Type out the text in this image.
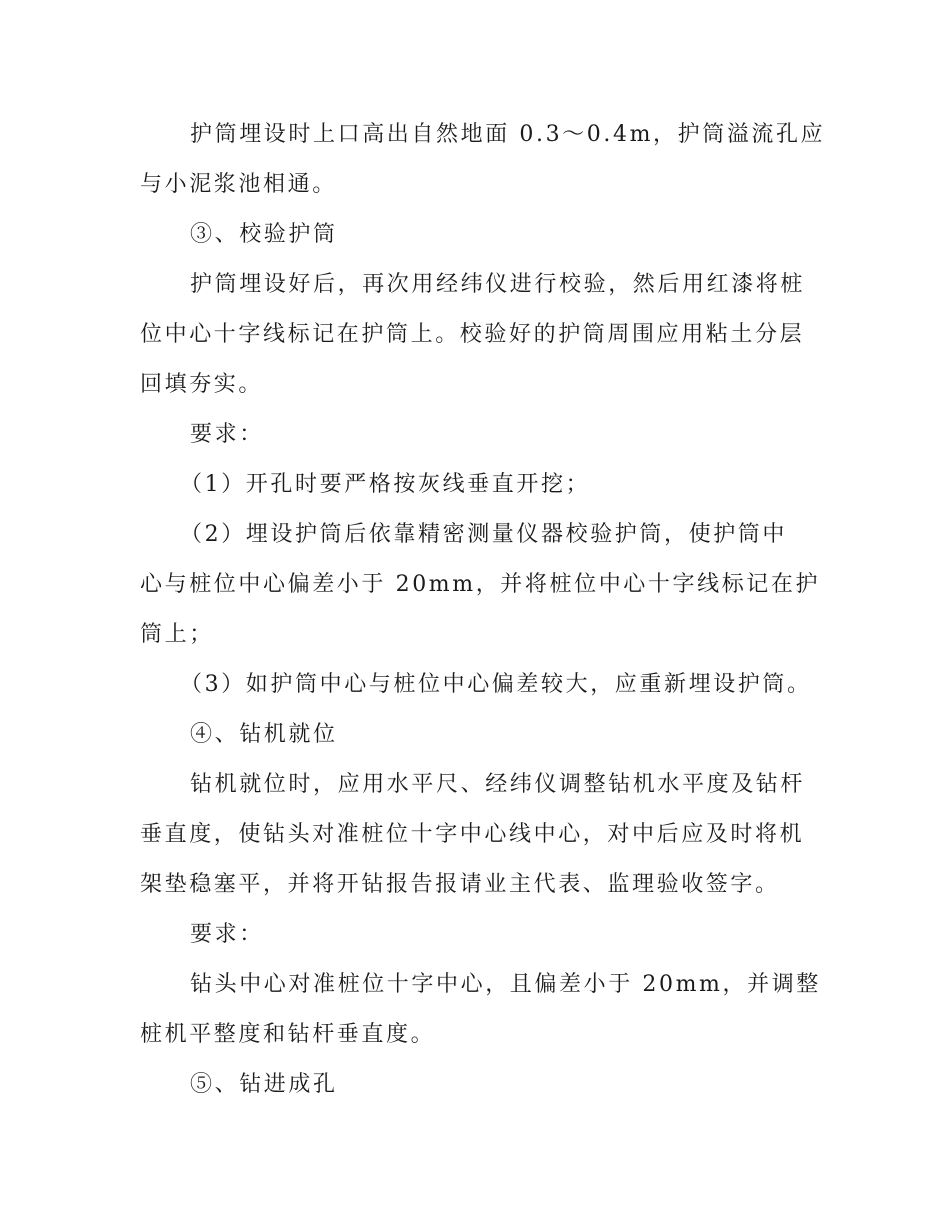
护筒埋设时上口高出自然地面 0.3～0.4m，护筒溢流孔应
与小泥浆池相通。
③、校验护筒
护筒埋设好后，再次用经纬仪进行校验，然后用红漆将桩
位中心十字线标记在护筒上。校验好的护筒周围应用粘土分层
回填夯实。
要求：
（1）开孔时要严格按灰线垂直开挖；
（2）埋设护筒后依靠精密测量仪器校验护筒，使护筒中
心与桩位中心偏差小于 20mm，并将桩位中心十字线标记在护
筒上；
（3）如护筒中心与桩位中心偏差较大，应重新埋设护筒。
④、钻机就位
钻机就位时，应用水平尺、经纬仪调整钻机水平度及钻杆
垂直度，使钻头对准桩位十字中心线中心，对中后应及时将机
架垫稳塞平，并将开钻报告报请业主代表、监理验收签字。
要求：
钻头中心对准桩位十字中心，且偏差小于 20mm，并调整
桩机平整度和钻杆垂直度。
⑤、钻进成孔
